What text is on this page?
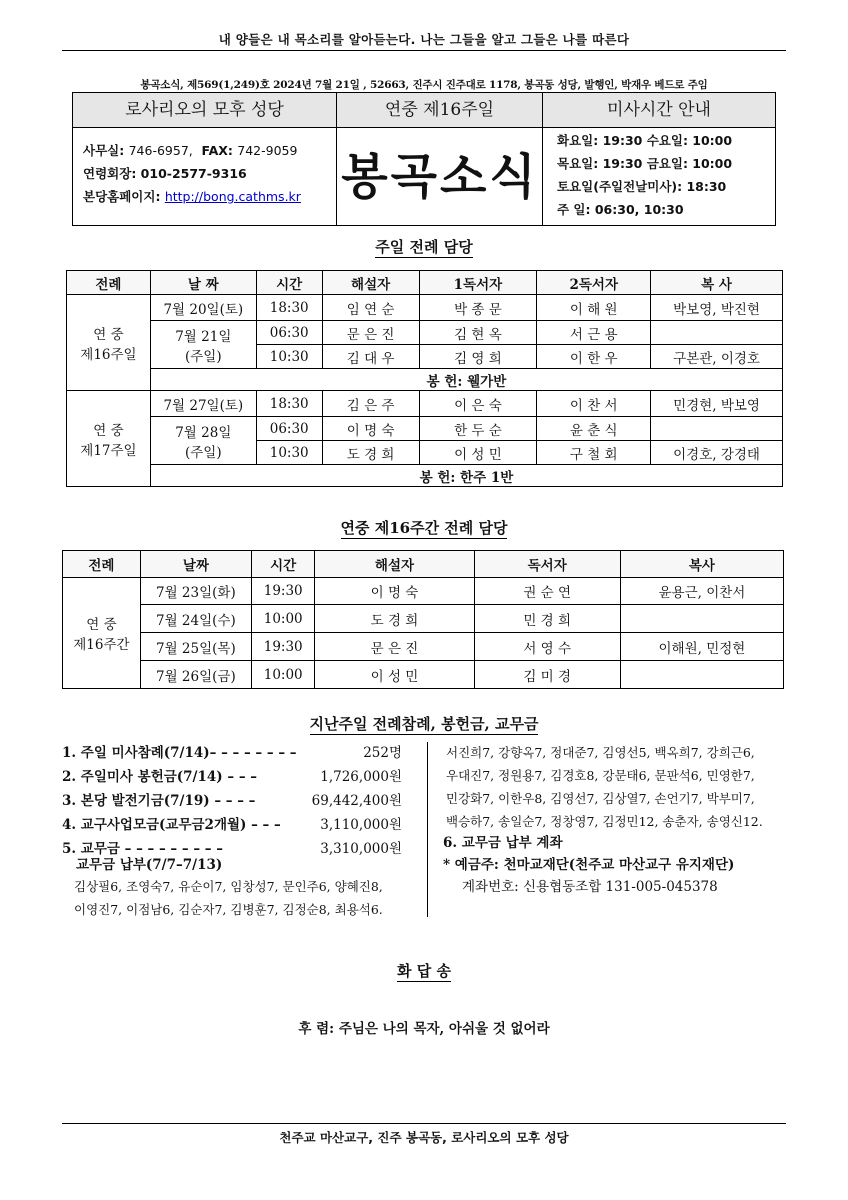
내 양들은 내 목소리를 알아듣는다. 나는 그들을 알고 그들은 나를 따른다
봉곡소식, 제569(1,249)호 2024년 7월 21일 , 52663, 진주시 진주대로 1178, 봉곡동 성당, 발행인, 박재우 베드로 주임
로사리오의 모후 성당	연중 제16주일	미사시간 안내
사무실: 746-6957, FAX: 742-9059
연령회장: 010-2577-9316
본당홈페이지: http://bong.cathms.kr 봉곡소식
화요일: 19:30 수요일: 10:00
목요일: 19:30 금요일: 10:00
토요일(주일전날미사): 18:30
주 일: 06:30, 10:30
주일 전례 담당
전례	날 짜	시간	해설자	1독서자	2독서자	복 사

연 중
제16주일	7월 20일(토)	18:30	임 연 순	박 종 문	이 해 원	박보영, 박진현

	7월 21일
(주일)	06:30	문 은 진	김 현 옥	서 근 용	
		10:30	김 대 우	김 영 희	이 한 우	구본관, 이경호
	봉 헌: 웰가반					

연 중
제17주일	7월 27일(토)	18:30	김 은 주	이 은 숙	이 찬 서	민경현, 박보영

	7월 28일
(주일)	06:30	이 명 숙	한 두 순	윤 춘 식	
		10:30	도 경 희	이 성 민	구 철 회	이경호, 강경태
	봉 헌: 한주 1반					
연중 제16주간 전례 담당
전례	날짜	시간	해설자	독서자	복사

연 중
제16주간	7월 23일(화)	19:30	이 명 숙	권 순 연	윤용근, 이찬서
	7월 24일(수)	10:00	도 경 희	민 경 희	
	7월 25일(목)	19:30	문 은 진	서 영 수	이해원, 민정현
	7월 26일(금)	10:00	이 성 민	김 미 경	
지난주일 전례참례, 봉헌금, 교무금
1. 주일 미사참례(7/14)– – – – – – – –	252명
2. 주일미사 봉헌금(7/14) – – –	1,726,000원
3. 본당 발전기금(7/19) – – – –	69,442,400원
4. 교구사업모금(교무금2개월) – – –	3,110,000원
5. 교무금 – – – – – – – – –	3,310,000원
교무금 납부(7/7–7/13)
김상필6, 조영숙7, 유순이7, 임창성7, 문인주6, 양혜진8,
이영진7, 이점남6, 김순자7, 김병훈7, 김정순8, 최용석6.
서진희7, 강향옥7, 정대준7, 김영선5, 백옥희7, 강희근6,
우대진7, 정원용7, 김경호8, 강문태6, 문판석6, 민영한7,
민강화7, 이한우8, 김영선7, 김상열7, 손언기7, 박부미7,
백승하7, 송일순7, 정창영7, 김정민12, 송춘자, 송영신12.
6. 교무금 납부 계좌
* 예금주: 천마교재단(천주교 마산교구 유지재단)
계좌번호: 신용협동조합 131-005-045378
화 답 송
후 렴: 주님은 나의 목자, 아쉬울 것 없어라
천주교 마산교구, 진주 봉곡동, 로사리오의 모후 성당
